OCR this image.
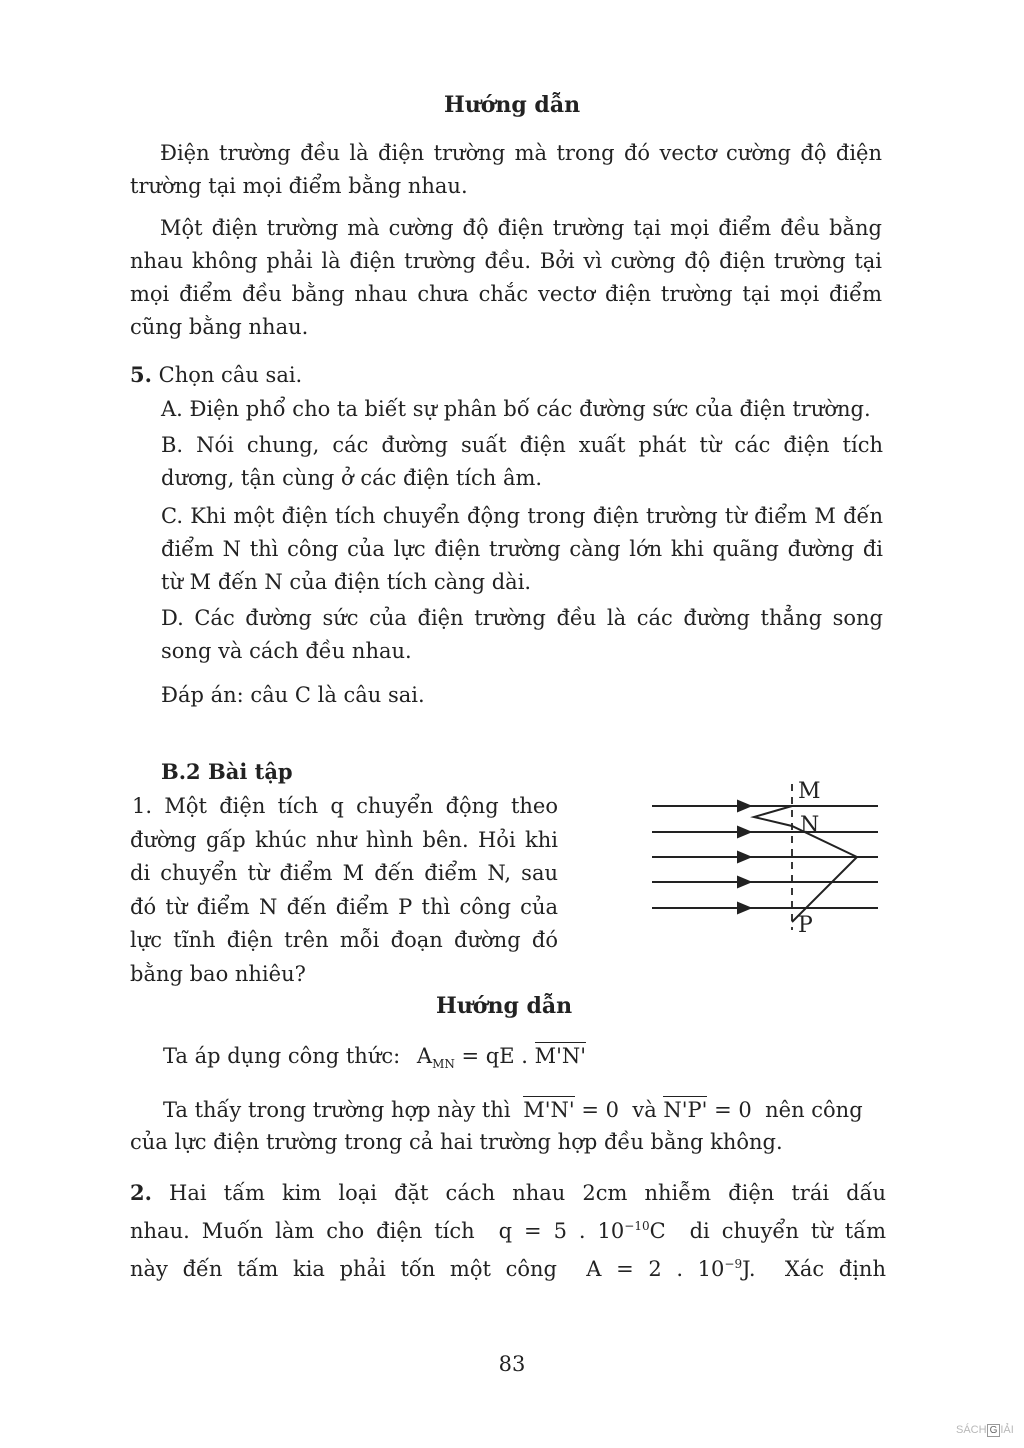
Hướng dẫn
Điện trường đều là điện trường mà trong đó vectơ cường độ điện trường tại mọi điểm bằng nhau.
Một điện trường mà cường độ điện trường tại mọi điểm đều bằng nhau không phải là điện trường đều. Bởi vì cường độ điện trường tại mọi điểm đều bằng nhau chưa chắc vectơ điện trường tại mọi điểm cũng bằng nhau.
5. Chọn câu sai.
A. Điện phổ cho ta biết sự phân bố các đường sức của điện trường.
B. Nói chung, các đường suất điện xuất phát từ các điện tích dương, tận cùng ở các điện tích âm.
C. Khi một điện tích chuyển động trong điện trường từ điểm M đến điểm N thì công của lực điện trường càng lớn khi quãng đường đi từ M đến N của điện tích càng dài.
D. Các đường sức của điện trường đều là các đường thẳng song song và cách đều nhau.
Đáp án: câu C là câu sai.
B.2 Bài tập
1. Một điện tích q chuyển động theo đường gấp khúc như hình bên. Hỏi khi di chuyển từ điểm M đến điểm N, sau đó từ điểm N đến điểm P thì công của lực tĩnh điện trên mỗi đoạn đường đó bằng bao nhiêu?
M
N
P
Hướng dẫn
Ta áp dụng công thức: $A_{MN}$ = qE . M'N'
Ta thấy trong trường hợp này thì M'N' = 0  và N'P' = 0  nên công
của lực điện trường trong cả hai trường hợp đều bằng không.
2. Hai tấm kim loại đặt cách nhau 2cm nhiễm điện trái dấu
nhau. Muốn làm cho điện tích  q = 5 . $10^{-10}C$  di chuyển từ tấm
này đến tấm kia phải tốn một công  A = 2 . $10^{-9}J$.  Xác định
83
SÁCH G IẢI
